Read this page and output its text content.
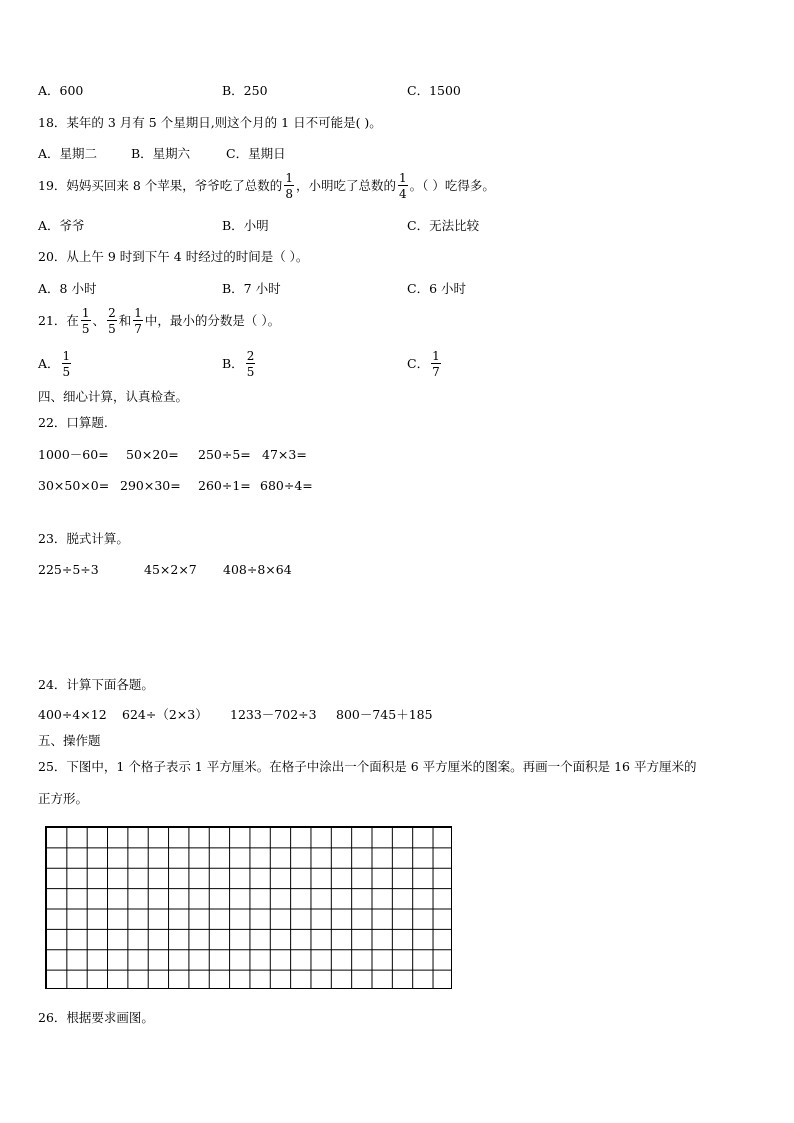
A．600	B．250	C．1500
18．某年的 3 月有 5 个星期日,则这个月的 1 日不可能是( )。
A．星期二	B．星期六	C．星期日
19．妈妈买回来 8 个苹果，爷爷吃了总数的 $\frac{1}{8}$ ，小明吃了总数的 $\frac{1}{4}$ 。（ ）吃得多。
A．爷爷	B．小明	C．无法比较
20．从上午 9 时到下午 4 时经过的时间是（ ）。
A．8 小时	B．7 小时	C．6 小时
21．在 $\frac{1}{5}$ 、 $\frac{2}{5}$ 和 $\frac{1}{7}$ 中，最小的分数是（ ）。
A． $\frac{1}{5}$	B． $\frac{2}{5}$	C． $\frac{1}{7}$
四、细心计算，认真检查。
22．口算题.
1000－60= 50×20= 250÷5= 47×3=
30×50×0= 290×30= 260÷1= 680÷4=
23．脱式计算。
225÷5÷3	45×2×7 408÷8×64
24．计算下面各题。
400÷4×12 624÷（2×3） 1233－702÷3 800－745＋185
五、操作题
25．下图中，1 个格子表示 1 平方厘米。在格子中涂出一个面积是 6 平方厘米的图案。再画一个面积是 16 平方厘米的
正方形。
26．根据要求画图。
